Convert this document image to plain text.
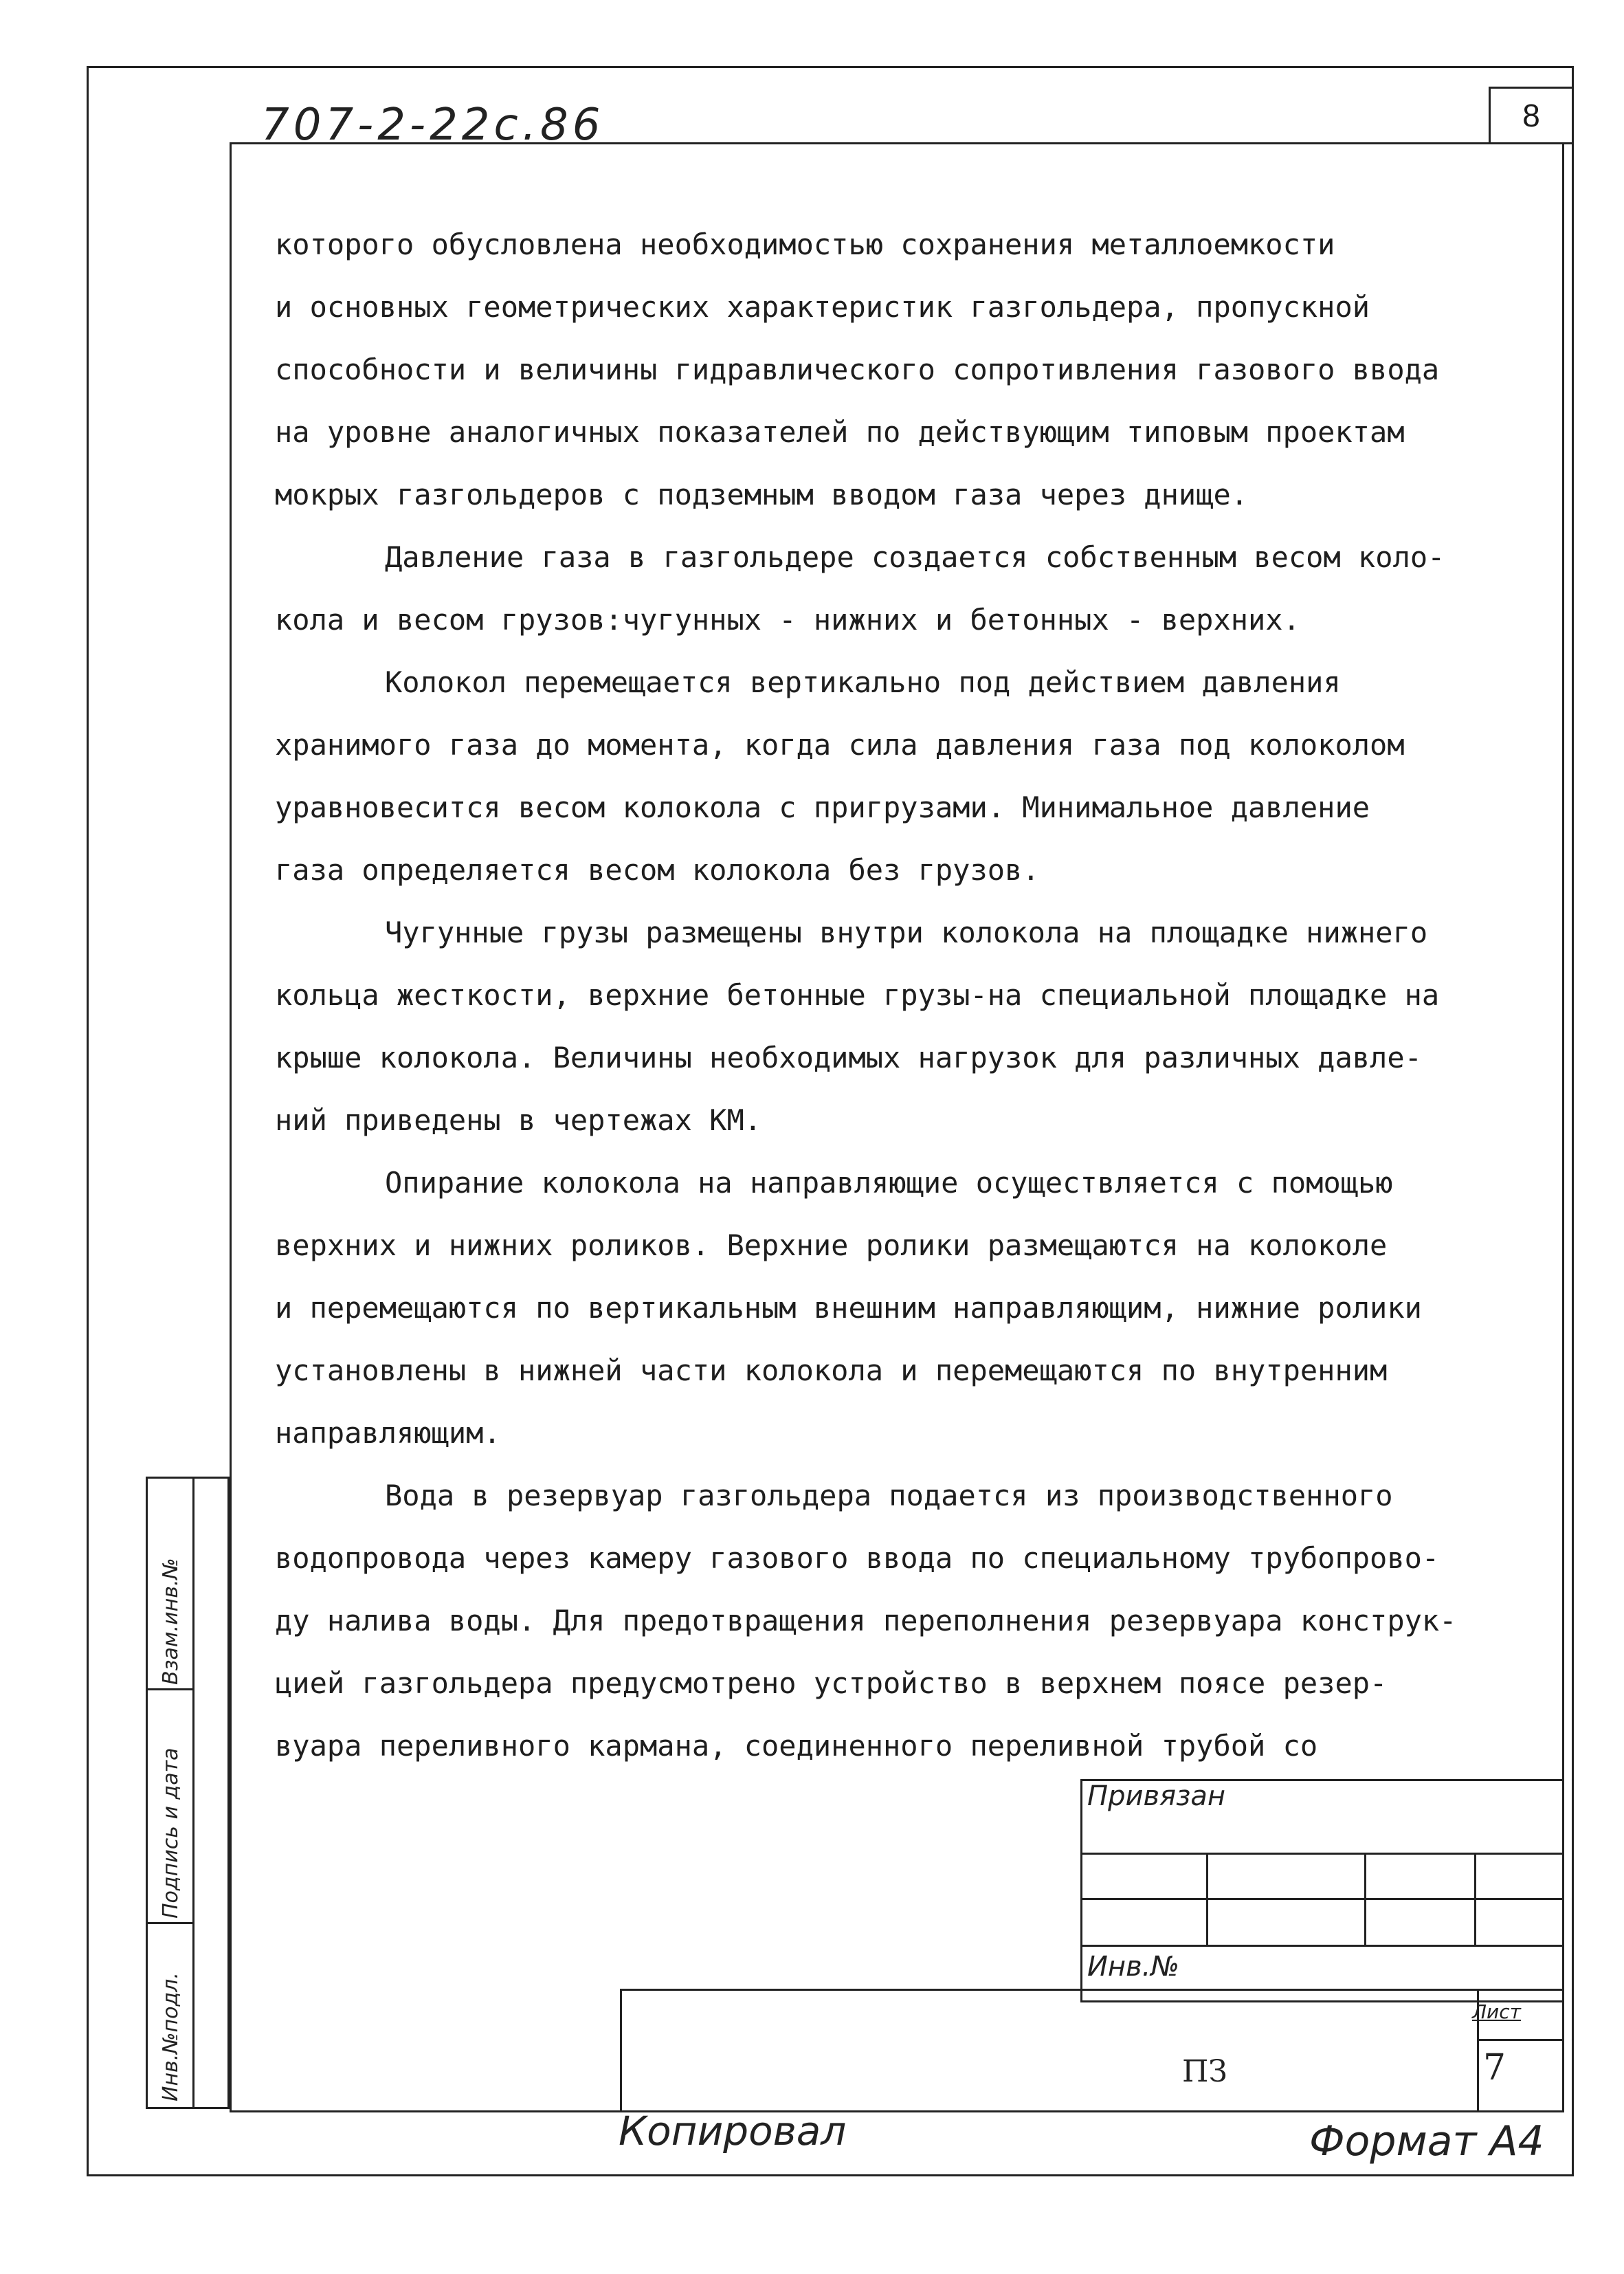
707-2-22с.86	8
которого обусловлена необходимостью сохранения металлоемкости
и основных геометрических характеристик газгольдера, пропускной
способности и величины гидравлического сопротивления газового ввода
на уровне аналогичных показателей по действующим типовым проектам
мокрых газгольдеров с подземным вводом газа через днище.
Давление газа в газгольдере создается собственным весом коло-
кола и весом грузов:чугунных - нижних и бетонных - верхних.
Колокол перемещается вертикально под действием давления
хранимого газа до момента, когда сила давления газа под колоколом
уравновесится весом колокола с пригрузами. Минимальное давление
газа определяется весом колокола без грузов.
Чугунные грузы размещены внутри колокола на площадке нижнего
кольца жесткости, верхние бетонные грузы-на специальной площадке на
крыше колокола. Величины необходимых нагрузок для различных давле-
ний приведены в чертежах КМ.
Опирание колокола на направляющие осуществляется с помощью
верхних и нижних роликов. Верхние ролики размещаются на колоколе
и перемещаются по вертикальным внешним направляющим, нижние ролики
установлены в нижней части колокола и перемещаются по внутренним
направляющим.
Вода в резервуар газгольдера подается из производственного
водопровода через камеру газового ввода по специальному трубопрово-
ду налива воды. Для предотвращения переполнения резервуара конструк-
цией газгольдера предусмотрено устройство в верхнем поясе резер-
вуара переливного кармана, соединенного переливной трубой со
Взам.инв.№
Подпись и дата
Инв.№подл.
Привязан
Инв.№
ПЗ
Лист
7
Копировал	Формат А4
